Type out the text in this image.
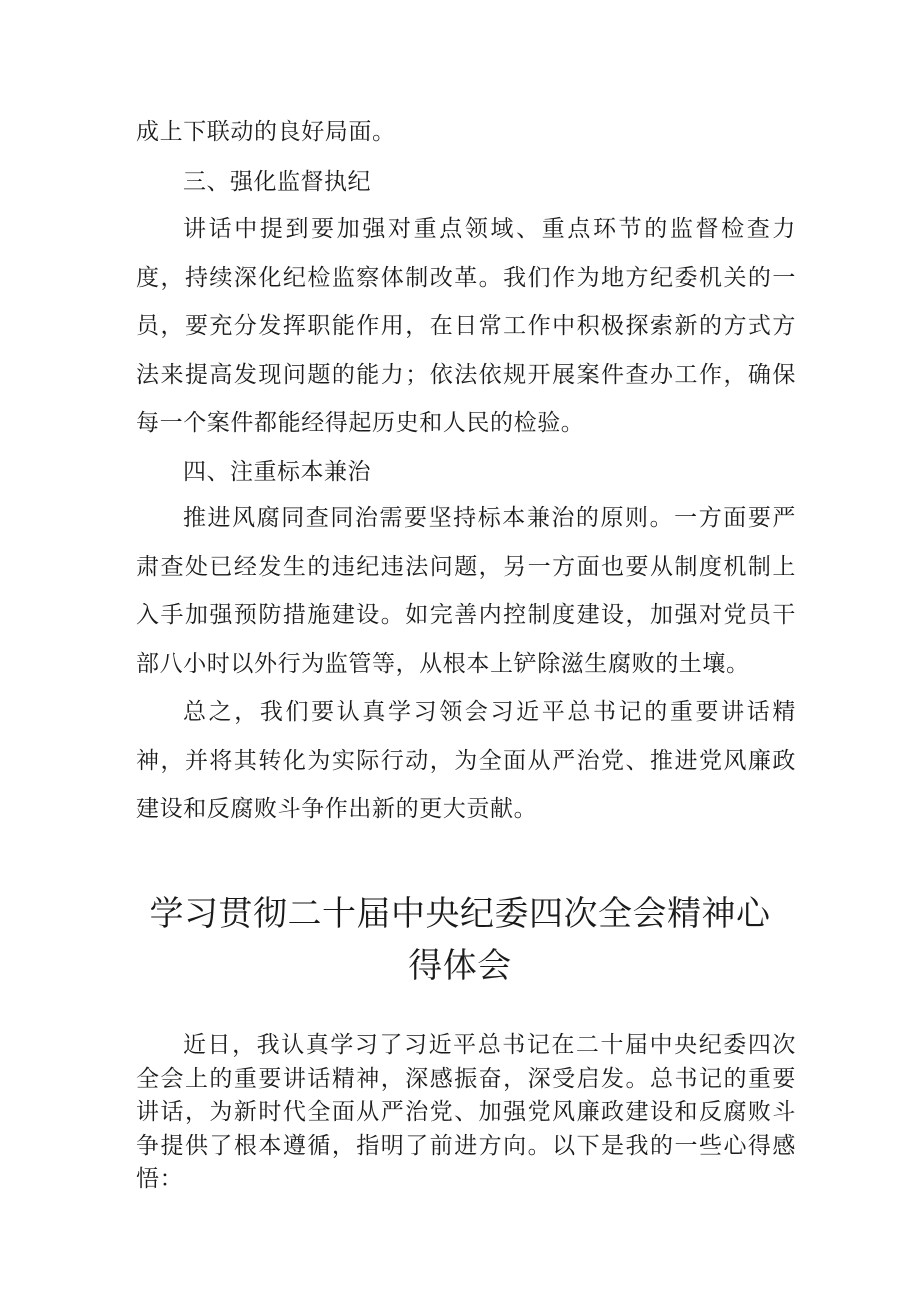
成上下联动的良好局面。

三、强化监督执纪

讲话中提到要加强对重点领域、重点环节的监督检查力度，持续深化纪检监察体制改革。我们作为地方纪委机关的一员，要充分发挥职能作用，在日常工作中积极探索新的方式方法来提高发现问题的能力；依法依规开展案件查办工作，确保每一个案件都能经得起历史和人民的检验。

四、注重标本兼治

推进风腐同查同治需要坚持标本兼治的原则。一方面要严肃查处已经发生的违纪违法问题，另一方面也要从制度机制上入手加强预防措施建设。如完善内控制度建设，加强对党员干部八小时以外行为监管等，从根本上铲除滋生腐败的土壤。

总之，我们要认真学习领会习近平总书记的重要讲话精神，并将其转化为实际行动，为全面从严治党、推进党风廉政建设和反腐败斗争作出新的更大贡献。

学习贯彻二十届中央纪委四次全会精神心
得体会

近日，我认真学习了习近平总书记在二十届中央纪委四次全会上的重要讲话精神，深感振奋，深受启发。总书记的重要讲话，为新时代全面从严治党、加强党风廉政建设和反腐败斗争提供了根本遵循，指明了前进方向。以下是我的一些心得感悟：
